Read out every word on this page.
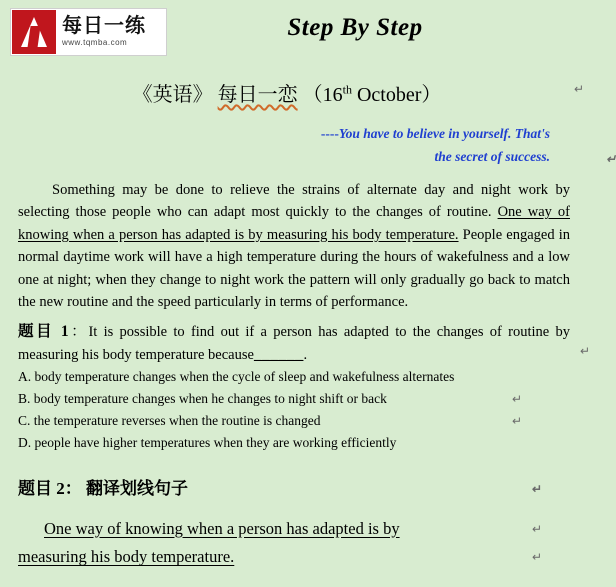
每日一练
www.tqmba.com
Step By Step
《英语》 每日一恋 （16th October）	↵
----You have to believe in yourself. That's
the secret of success.	↵
Something may be done to relieve the strains of alternate day and night work by selecting those people who can adapt most quickly to the changes of routine. One way of knowing when a person has adapted is by measuring his body temperature. People engaged in normal daytime work will have a high temperature during the hours of wakefulness and a low one at night; when they change to night work the pattern will only gradually go back to match the new routine and the speed particularly in terms of performance.
题目 1：It is possible to find out if a person has adapted to the changes of routine by measuring his body temperature because______.	↵
A. body temperature changes when the cycle of sleep and wakefulness alternates
B. body temperature changes when he changes to night shift or back	↵
C. the temperature reverses when the routine is changed	↵
D. people have higher temperatures when they are working efficiently
题目 2： 翻译划线句子	↵
One way of knowing when a person has adapted is by	↵
measuring his body temperature.	↵
